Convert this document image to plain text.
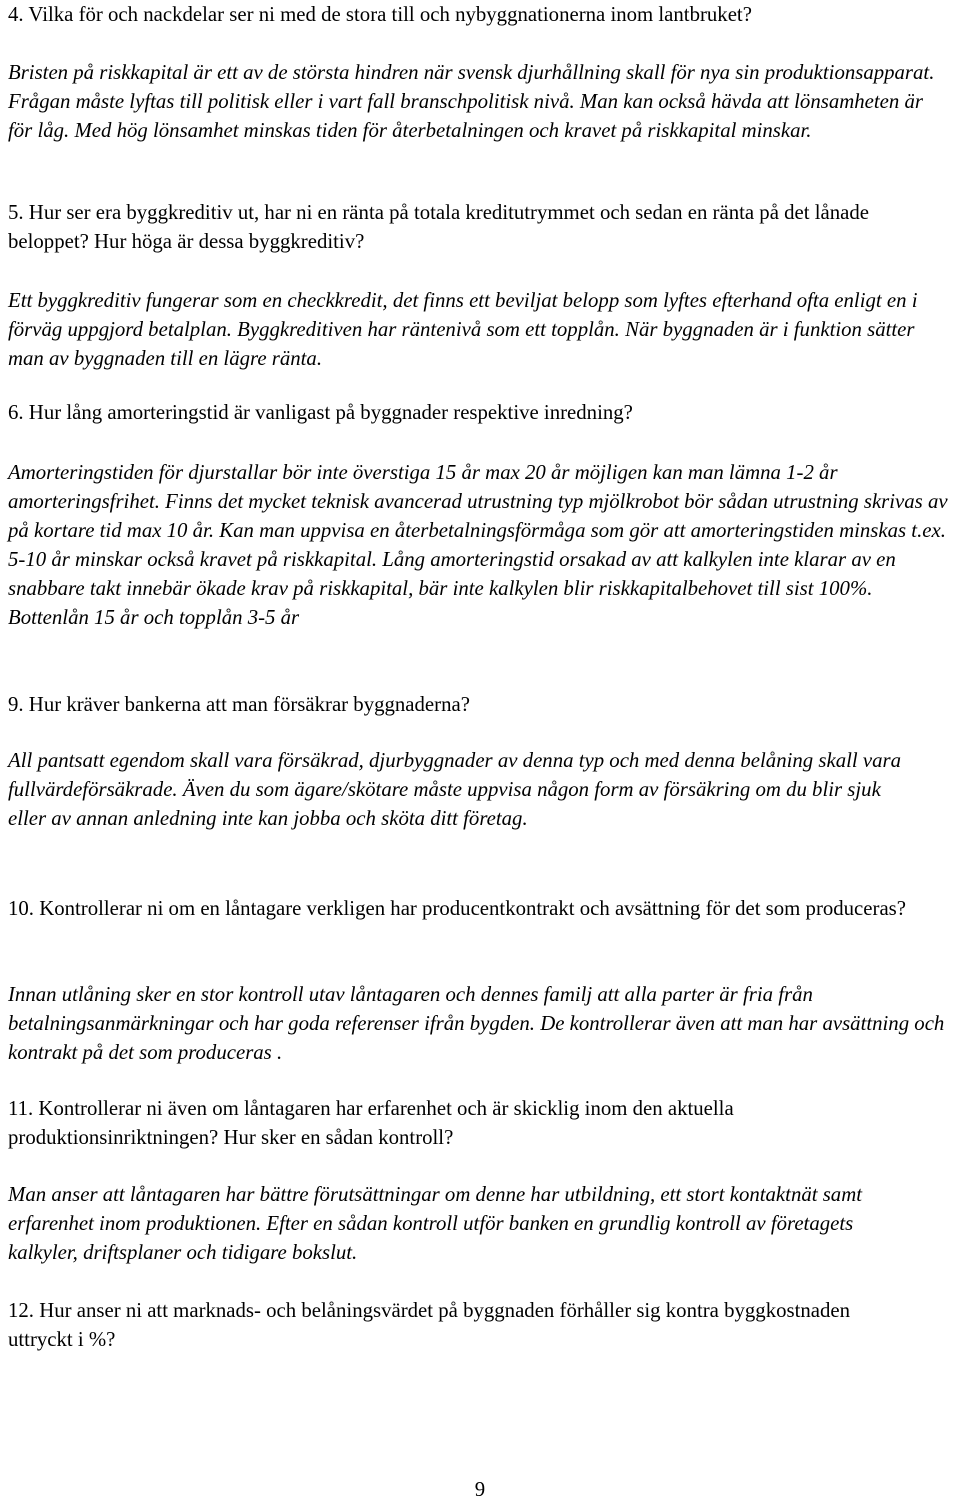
4. Vilka för och nackdelar ser ni med de stora till och nybyggnationerna inom lantbruket?

Bristen på riskkapital är ett av de största hindren när svensk djurhållning skall för nya sin produktionsapparat. Frågan måste lyftas till politisk eller i vart fall branschpolitisk nivå. Man kan också hävda att lönsamheten är för låg. Med hög lönsamhet minskas tiden för återbetalningen och kravet på riskkapital minskar.

5. Hur ser era byggkreditiv ut, har ni en ränta på totala kreditutrymmet och sedan en ränta på det lånade beloppet? Hur höga är dessa byggkreditiv?

Ett byggkreditiv fungerar som en checkkredit, det finns ett beviljat belopp som lyftes efterhand ofta enligt en i förväg uppgjord betalplan. Byggkreditiven har räntenivå som ett topplån. När byggnaden är i funktion sätter man av byggnaden till en lägre ränta.

6. Hur lång amorteringstid är vanligast på byggnader respektive inredning?

Amorteringstiden för djurstallar bör inte överstiga 15 år max 20 år möjligen kan man lämna 1-2 år amorteringsfrihet. Finns det mycket teknisk avancerad utrustning typ mjölkrobot bör sådan utrustning skrivas av på kortare tid max 10 år. Kan man uppvisa en återbetalningsförmåga som gör att amorteringstiden minskas t.ex. 5-10 år minskar också kravet på riskkapital. Lång amorteringstid orsakad av att kalkylen inte klarar av en snabbare takt innebär ökade krav på riskkapital, bär inte kalkylen blir riskkapitalbehovet till sist 100%. Bottenlån 15 år och topplån 3-5 år

9. Hur kräver bankerna att man försäkrar byggnaderna?

All pantsatt egendom skall vara försäkrad, djurbyggnader av denna typ och med denna belåning skall vara fullvärdeförsäkrade. Även du som ägare/skötare måste uppvisa någon form av försäkring om du blir sjuk eller av annan anledning inte kan jobba och sköta ditt företag.

10. Kontrollerar ni om en låntagare verkligen har producentkontrakt och avsättning för det som produceras?

Innan utlåning sker en stor kontroll utav låntagaren och dennes familj att alla parter är fria från betalningsanmärkningar och har goda referenser ifrån bygden. De kontrollerar även att man har avsättning och kontrakt på det som produceras .

11. Kontrollerar ni även om låntagaren har erfarenhet och är skicklig inom den aktuella produktionsinriktningen? Hur sker en sådan kontroll?

Man anser att låntagaren har bättre förutsättningar om denne har utbildning, ett stort kontaktnät samt erfarenhet inom produktionen. Efter en sådan kontroll utför banken en grundlig kontroll av företagets kalkyler, driftsplaner och tidigare bokslut.

12. Hur anser ni att marknads- och belåningsvärdet på byggnaden förhåller sig kontra byggkostnaden uttryckt i %?

9
